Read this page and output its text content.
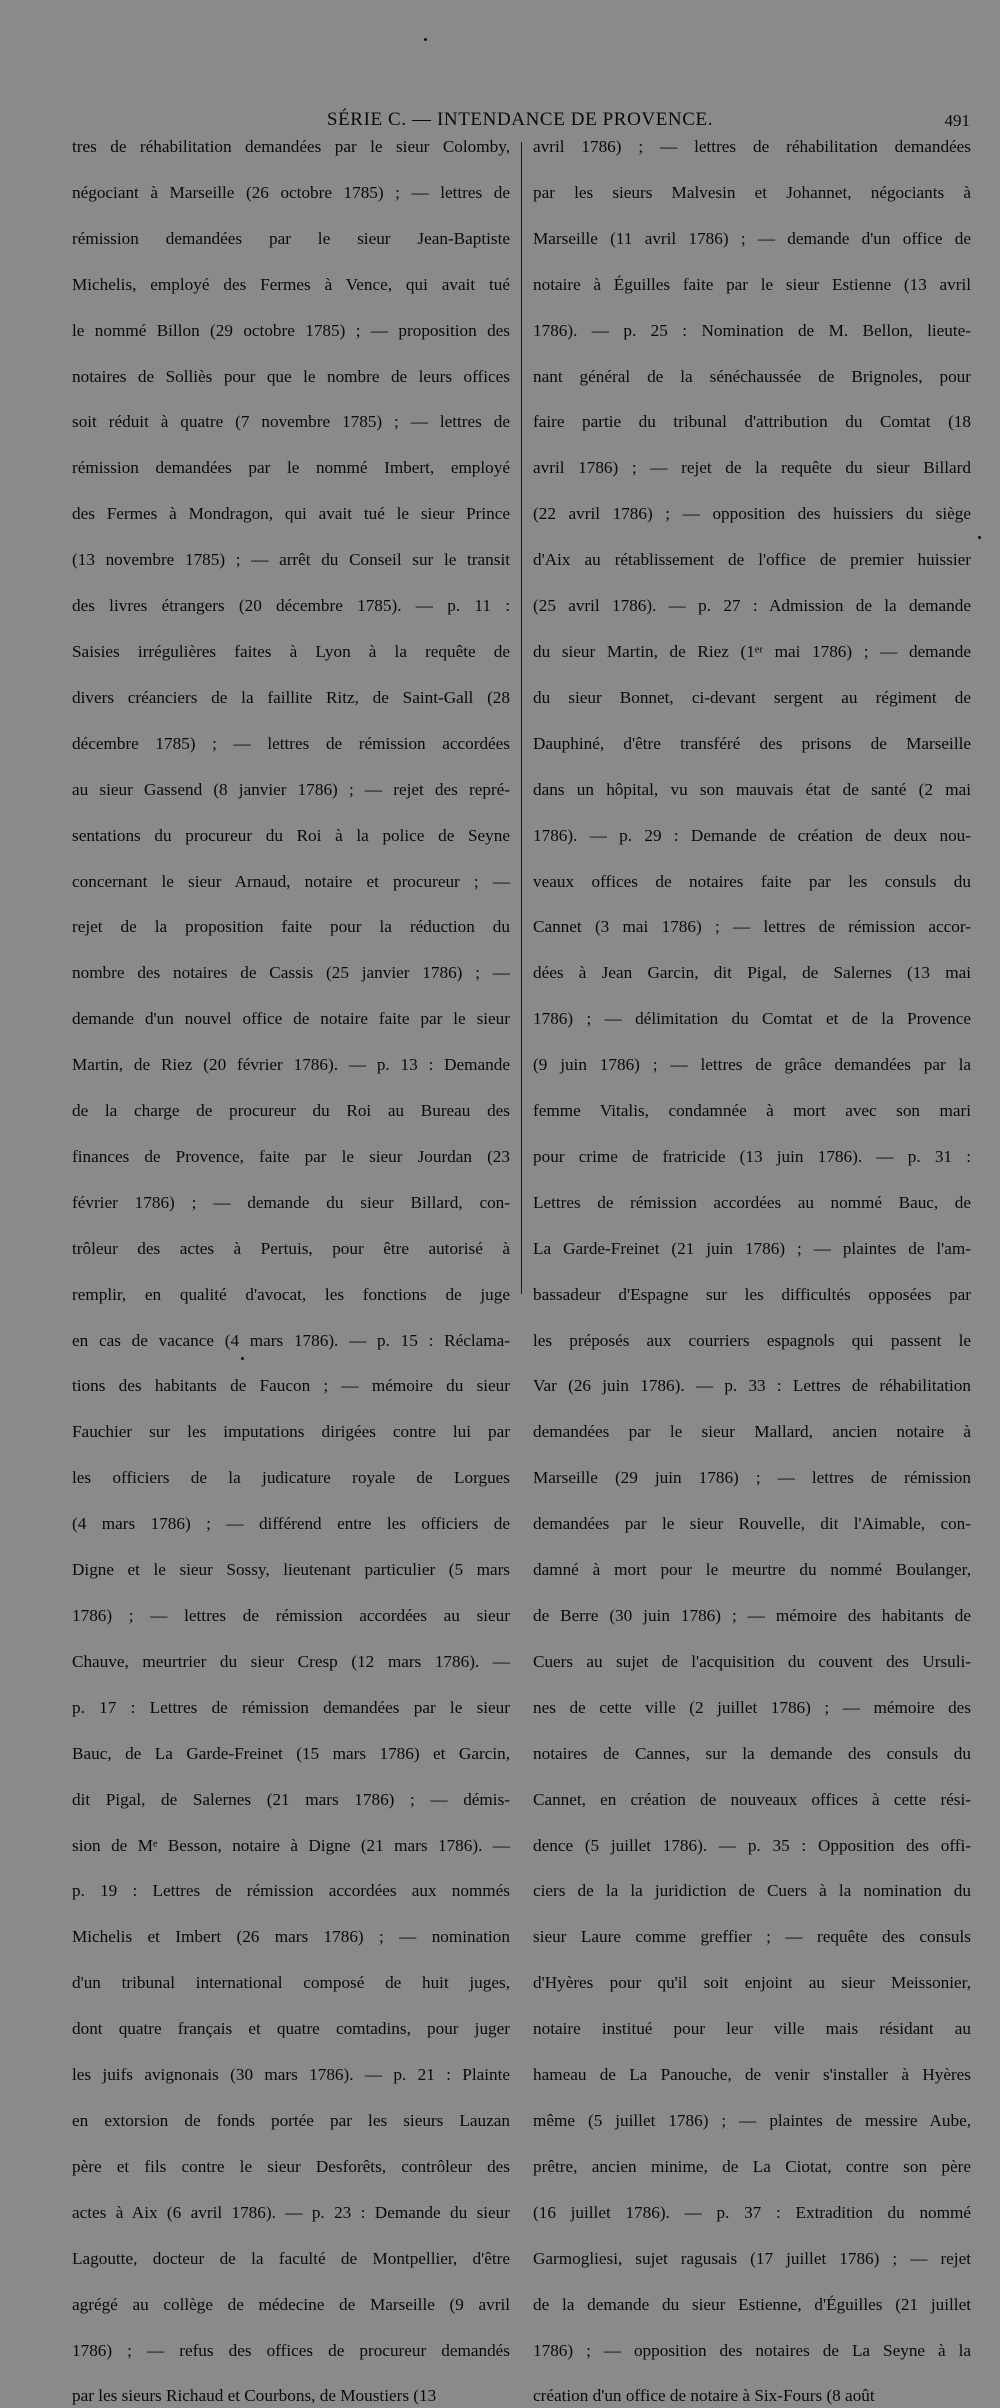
SÉRIE C. — INTENDANCE DE PROVENCE.	491

tres de réhabilitation demandées par le sieur Colomby,

négociant à Marseille (26 octobre 1785) ; — lettres de

rémission demandées par le sieur Jean-Baptiste

Michelis, employé des Fermes à Vence, qui avait tué

le nommé Billon (29 octobre 1785) ; — proposition des

notaires de Solliès pour que le nombre de leurs offices

soit réduit à quatre (7 novembre 1785) ; — lettres de

rémission demandées par le nommé Imbert, employé

des Fermes à Mondragon, qui avait tué le sieur Prince

(13 novembre 1785) ; — arrêt du Conseil sur le transit

des livres étrangers (20 décembre 1785). — p. 11 :

Saisies irrégulières faites à Lyon à la requête de

divers créanciers de la faillite Ritz, de Saint-Gall (28

décembre 1785) ; — lettres de rémission accordées

au sieur Gassend (8 janvier 1786) ; — rejet des repré-

sentations du procureur du Roi à la police de Seyne

concernant le sieur Arnaud, notaire et procureur ; —

rejet de la proposition faite pour la réduction du

nombre des notaires de Cassis (25 janvier 1786) ; —

demande d'un nouvel office de notaire faite par le sieur

Martin, de Riez (20 février 1786). — p. 13 : Demande

de la charge de procureur du Roi au Bureau des

finances de Provence, faite par le sieur Jourdan (23

février 1786) ; — demande du sieur Billard, con-

trôleur des actes à Pertuis, pour être autorisé à

remplir, en qualité d'avocat, les fonctions de juge

en cas de vacance (4 mars 1786). — p. 15 : Réclama-

tions des habitants de Faucon ; — mémoire du sieur

Fauchier sur les imputations dirigées contre lui par

les officiers de la judicature royale de Lorgues

(4 mars 1786) ; — différend entre les officiers de

Digne et le sieur Sossy, lieutenant particulier (5 mars

1786) ; — lettres de rémission accordées au sieur

Chauve, meurtrier du sieur Cresp (12 mars 1786). —

p. 17 : Lettres de rémission demandées par le sieur

Bauc, de La Garde-Freinet (15 mars 1786) et Garcin,

dit Pigal, de Salernes (21 mars 1786) ; — démis-

sion de Mᵉ Besson, notaire à Digne (21 mars 1786). —

p. 19 : Lettres de rémission accordées aux nommés

Michelis et Imbert (26 mars 1786) ; — nomination

d'un tribunal international composé de huit juges,

dont quatre français et quatre comtadins, pour juger

les juifs avignonais (30 mars 1786). — p. 21 : Plainte

en extorsion de fonds portée par les sieurs Lauzan

père et fils contre le sieur Desforêts, contrôleur des

actes à Aix (6 avril 1786). — p. 23 : Demande du sieur

Lagoutte, docteur de la faculté de Montpellier, d'être

agrégé au collège de médecine de Marseille (9 avril

1786) ; — refus des offices de procureur demandés

par les sieurs Richaud et Courbons, de Moustiers (13

avril 1786) ; — lettres de réhabilitation demandées

par les sieurs Malvesin et Johannet, négociants à

Marseille (11 avril 1786) ; — demande d'un office de

notaire à Éguilles faite par le sieur Estienne (13 avril

1786). — p. 25 : Nomination de M. Bellon, lieute-

nant général de la sénéchaussée de Brignoles, pour

faire partie du tribunal d'attribution du Comtat (18

avril 1786) ; — rejet de la requête du sieur Billard

(22 avril 1786) ; — opposition des huissiers du siège

d'Aix au rétablissement de l'office de premier huissier

(25 avril 1786). — p. 27 : Admission de la demande

du sieur Martin, de Riez (1ᵉʳ mai 1786) ; — demande

du sieur Bonnet, ci-devant sergent au régiment de

Dauphiné, d'être transféré des prisons de Marseille

dans un hôpital, vu son mauvais état de santé (2 mai

1786). — p. 29 : Demande de création de deux nou-

veaux offices de notaires faite par les consuls du

Cannet (3 mai 1786) ; — lettres de rémission accor-

dées à Jean Garcin, dit Pigal, de Salernes (13 mai

1786) ; — délimitation du Comtat et de la Provence

(9 juin 1786) ; — lettres de grâce demandées par la

femme Vitalis, condamnée à mort avec son mari

pour crime de fratricide (13 juin 1786). — p. 31 :

Lettres de rémission accordées au nommé Bauc, de

La Garde-Freinet (21 juin 1786) ; — plaintes de l'am-

bassadeur d'Espagne sur les difficultés opposées par

les préposés aux courriers espagnols qui passent le

Var (26 juin 1786). — p. 33 : Lettres de réhabilitation

demandées par le sieur Mallard, ancien notaire à

Marseille (29 juin 1786) ; — lettres de rémission

demandées par le sieur Rouvelle, dit l'Aimable, con-

damné à mort pour le meurtre du nommé Boulanger,

de Berre (30 juin 1786) ; — mémoire des habitants de

Cuers au sujet de l'acquisition du couvent des Ursuli-

nes de cette ville (2 juillet 1786) ; — mémoire des

notaires de Cannes, sur la demande des consuls du

Cannet, en création de nouveaux offices à cette rési-

dence (5 juillet 1786). — p. 35 : Opposition des offi-

ciers de la la juridiction de Cuers à la nomination du

sieur Laure comme greffier ; — requête des consuls

d'Hyères pour qu'il soit enjoint au sieur Meissonier,

notaire institué pour leur ville mais résidant au

hameau de La Panouche, de venir s'installer à Hyères

même (5 juillet 1786) ; — plaintes de messire Aube,

prêtre, ancien minime, de La Ciotat, contre son père

(16 juillet 1786). — p. 37 : Extradition du nommé

Garmogliesi, sujet ragusais (17 juillet 1786) ; — rejet

de la demande du sieur Estienne, d'Éguilles (21 juillet

1786) ; — opposition des notaires de La Seyne à la

création d'un office de notaire à Six-Fours (8 août
